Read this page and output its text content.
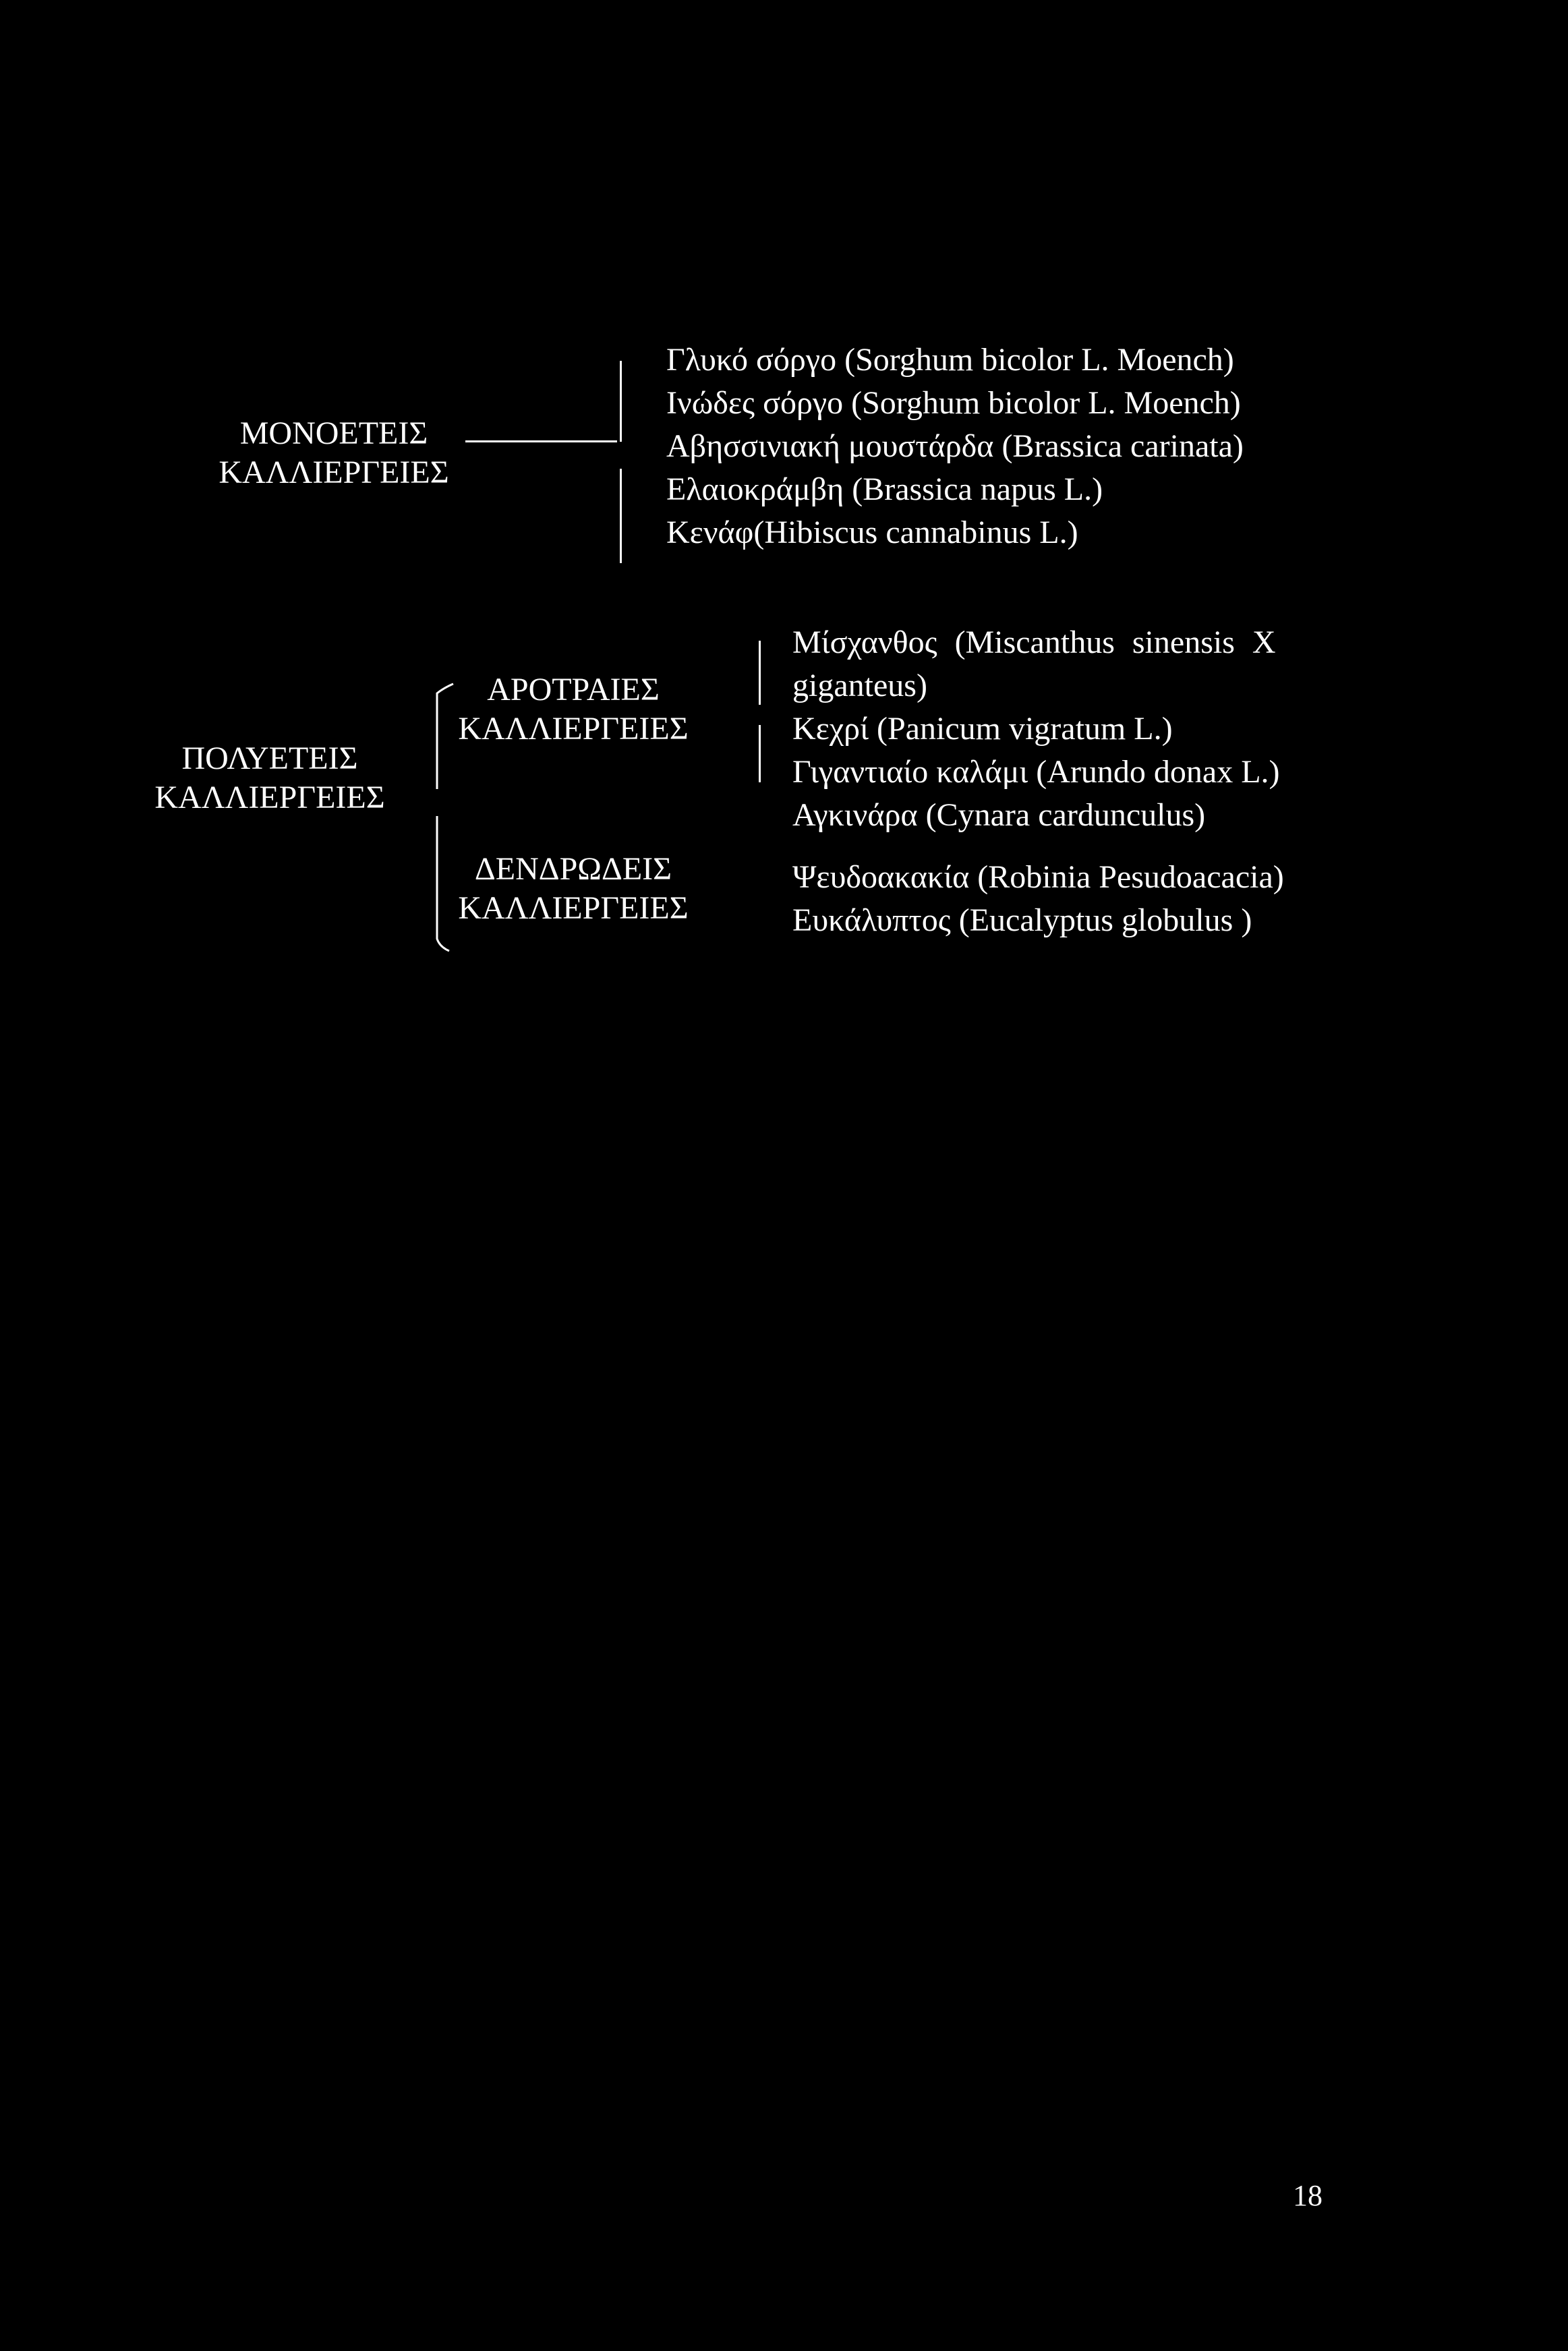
ΜΟΝΟΕΤΕΙΣ
ΚΑΛΛΙΕΡΓΕΙΕΣ
Γλυκό σόργο (Sorghum bicolor L. Moench)
Ινώδες σόργο (Sorghum bicolor L. Moench)
Αβησσινιακή μουστάρδα (Brassica carinata)
Ελαιοκράμβη (Brassica napus L.)
Κενάφ(Hibiscus cannabinus L.)
ΠΟΛΥΕΤΕΙΣ
ΚΑΛΛΙΕΡΓΕΙΕΣ
ΑΡΟΤΡΑΙΕΣ
ΚΑΛΛΙΕΡΓΕΙΕΣ
ΔΕΝΔΡΩΔΕΙΣ
ΚΑΛΛΙΕΡΓΕΙΕΣ
Μίσχανθος (Miscanthus sinensis X
giganteus)
Κεχρί (Panicum vigratum L.)
Γιγαντιαίο καλάμι (Arundo donax L.)
Αγκινάρα (Cynara cardunculus)
Ψευδοακακία (Robinia Pesudoacacia)
Ευκάλυπτος (Eucalyptus globulus )
18
